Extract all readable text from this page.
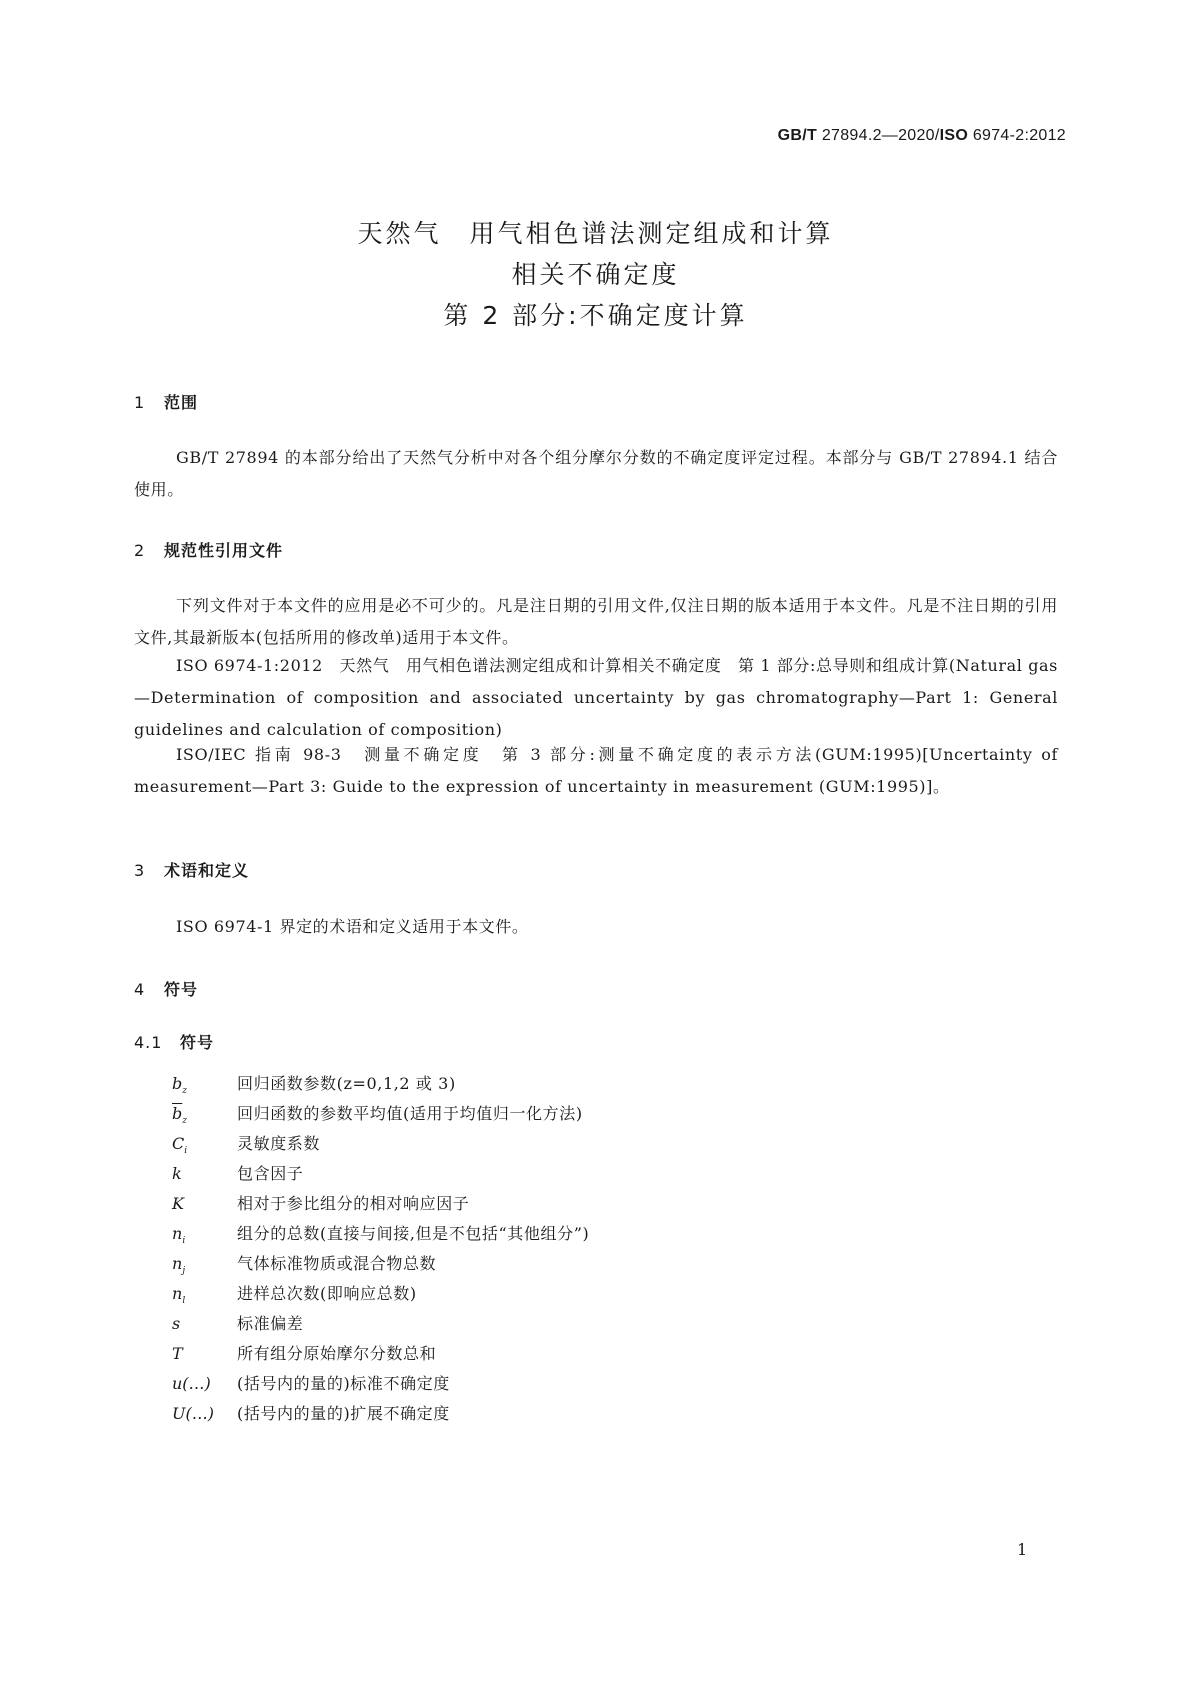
GB/T 27894.2—2020/ISO 6974-2:2012
天然气　用气相色谱法测定组成和计算
相关不确定度
第 2 部分:不确定度计算
1 范围
GB/T 27894 的本部分给出了天然气分析中对各个组分摩尔分数的不确定度评定过程。本部分与 GB/T 27894.1 结合使用。
2 规范性引用文件
下列文件对于本文件的应用是必不可少的。凡是注日期的引用文件,仅注日期的版本适用于本文件。凡是不注日期的引用文件,其最新版本(包括所用的修改单)适用于本文件。
ISO 6974-1:2012　天然气　用气相色谱法测定组成和计算相关不确定度　第 1 部分:总导则和组成计算(Natural gas—Determination of composition and associated uncertainty by gas chromatography—Part 1: General guidelines and calculation of composition)
ISO/IEC 指南 98-3　测量不确定度　第 3 部分:测量不确定度的表示方法(GUM:1995)[Uncertainty of measurement—Part 3: Guide to the expression of uncertainty in measurement (GUM:1995)]。
3 术语和定义
ISO 6974-1 界定的术语和定义适用于本文件。
4 符号
4.1 符号
$b_z$	回归函数参数(z=0,1,2 或 3)
$\overline{b}_z$	回归函数的参数平均值(适用于均值归一化方法)
$C_i$	灵敏度系数
k	包含因子
K	相对于参比组分的相对响应因子
$n_i$	组分的总数(直接与间接,但是不包括“其他组分”)
$n_j$	气体标准物质或混合物总数
$n_l$	进样总次数(即响应总数)
s	标准偏差
T	所有组分原始摩尔分数总和
u(…)	(括号内的量的)标准不确定度
U(…)	(括号内的量的)扩展不确定度
1
